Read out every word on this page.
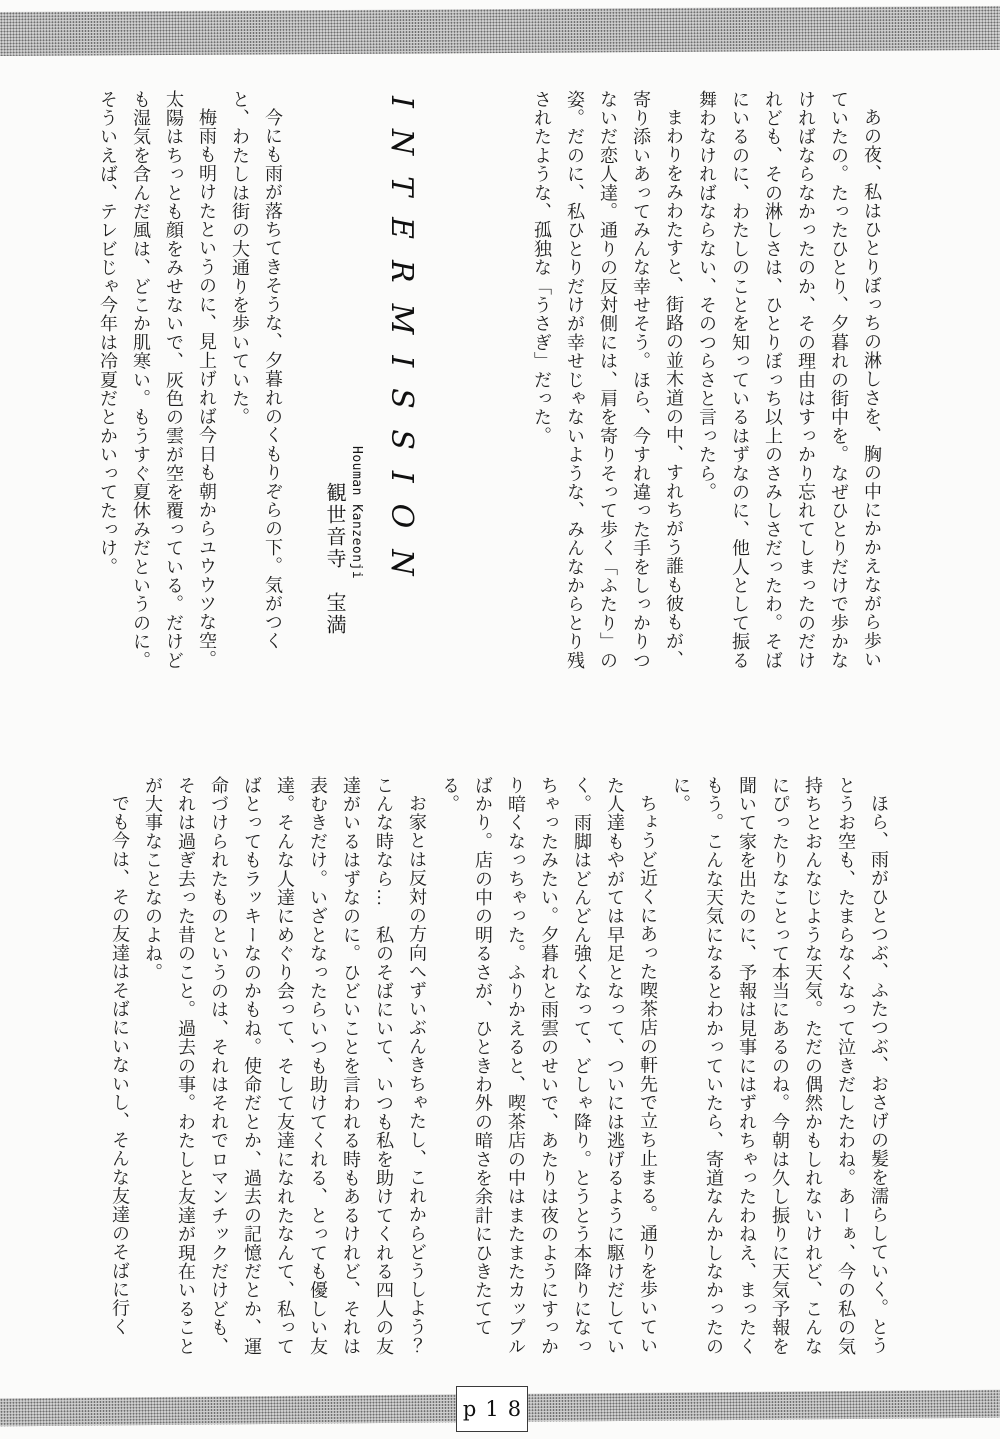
あの夜、私はひとりぼっちの淋しさを、胸の中にかかえながら歩いていたの。たったひとり、夕暮れの街中を。なぜひとりだけで歩かなければならなかったのか、その理由はすっかり忘れてしまったのだけれども、その淋しさは、ひとりぼっち以上のさみしさだったわ。そばにいるのに、わたしのことを知っているはずなのに、他人として振る舞わなければならない、そのつらさと言ったら。

まわりをみわたすと、街路の並木道の中、すれちがう誰も彼もが、寄り添いあってみんな幸せそう。ほら、今すれ違った手をしっかりつないだ恋人達。通りの反対側には、肩を寄りそって歩く「ふたり」の姿。だのに、私ひとりだけが幸せじゃないような、みんなからとり残されたような、孤独な「うさぎ」だった。

INTERMISSION
Houman Kanzeonji
観世音寺　宝満

今にも雨が落ちてきそうな、夕暮れのくもりぞらの下。気がつくと、わたしは街の大通りを歩いていた。

梅雨も明けたというのに、見上げれば今日も朝からユウウツな空。太陽はちっとも顔をみせないで、灰色の雲が空を覆っている。だけども湿気を含んだ風は、どこか肌寒い。もうすぐ夏休みだというのに。そういえば、テレビじゃ今年は冷夏だとかいってたっけ。

ほら、雨がひとつぶ、ふたつぶ、おさげの髪を濡らしていく。とうとうお空も、たまらなくなって泣きだしたわね。あーぁ、今の私の気持ちとおんなじような天気。ただの偶然かもしれないけれど、こんなにぴったりなことって本当にあるのね。今朝は久し振りに天気予報を聞いて家を出たのに、予報は見事にはずれちゃったわねえ、まったくもう。こんな天気になるとわかっていたら、寄道なんかしなかったのに。

ちょうど近くにあった喫茶店の軒先で立ち止まる。通りを歩いていた人達もやがては早足となって、ついには逃げるように駆けだしていく。雨脚はどんどん強くなって、どしゃ降り。とうとう本降りになっちゃったみたい。夕暮れと雨雲のせいで、あたりは夜のようにすっかり暗くなっちゃった。ふりかえると、喫茶店の中はまたまたカップルばかり。店の中の明るさが、ひときわ外の暗さを余計にひきたててる。

お家とは反対の方向へずいぶんきちゃたし、これからどうしよう？　こんな時なら…　私のそばにいて、いつも私を助けてくれる四人の友達がいるはずなのに。ひどいことを言われる時もあるけれど、それは表むきだけ。いざとなったらいつも助けてくれる、とっても優しい友達。そんな人達にめぐり会って、そして友達になれたなんて、私ってばとってもラッキーなのかもね。使命だとか、過去の記憶だとか、運命づけられたものというのは、それはそれでロマンチックだけども、それは過ぎ去った昔のこと。過去の事。わたしと友達が現在いることが大事なことなのよね。

でも今は、その友達はそばにいないし、そんな友達のそばに行く

p18
